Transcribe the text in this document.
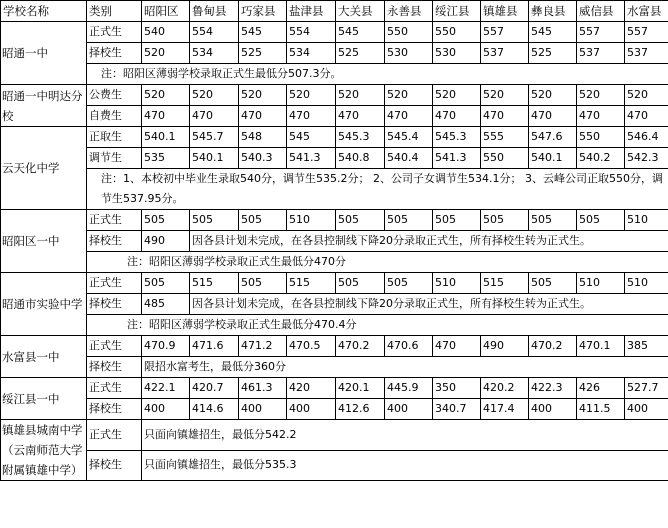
学校名称	类别	昭阳区	鲁甸县	巧家县	盐津县	大关县	永善县	绥江县	镇雄县	彝良县	威信县	水富县
昭通一中	正式生	540	554	545	554	545	550	550	557	545	557	557
	择校生	520	534	525	534	525	530	530	537	525	537	537
	注：昭阳区薄弱学校录取正式生最低分507.3分。											
昭通一中明达分校	公费生	520	520	520	520	520	520	520	520	520	520	520
	自费生	470	470	470	470	470	470	470	470	470	470	470
云天化中学	正取生	540.1	545.7	548	545	545.3	545.4	545.3	555	547.6	550	546.4
	调节生	535	540.1	540.3	541.3	540.8	540.4	541.3	550	540.1	540.2	542.3
	注：1、本校初中毕业生录取540分，调节生535.2分； 2、公司子女调节生534.1分； 3、云峰公司正取550分，调节生537.95分。											
昭阳区一中	正式生	505	505	505	510	505	505	505	505	505	505	510
	择校生	490	因各县计划未完成，在各县控制线下降20分录取正式生，所有择校生转为正式生。									
	注：昭阳区薄弱学校录取正式生最低分470分											
昭通市实验中学	正式生	505	515	505	515	505	505	510	515	505	510	510
	择校生	485	因各县计划未完成，在各县控制线下降20分录取正式生，所有择校生转为正式生。									
	注：昭阳区薄弱学校录取正式生最低分470.4分											
水富县一中	正式生	470.9	471.6	471.2	470.5	470.2	470.6	470	490	470.2	470.1	385
	择校生	限招水富考生，最低分360分										
绥江县一中	正式生	422.1	420.7	461.3	420	420.1	445.9	350	420.2	422.3	426	527.7
	择校生	400	414.6	400	400	412.6	400	340.7	417.4	400	411.5	400
镇雄县城南中学（云南师范大学附属镇雄中学）	正式生	只面向镇雄招生，最低分542.2										
	择校生	只面向镇雄招生，最低分535.3										
